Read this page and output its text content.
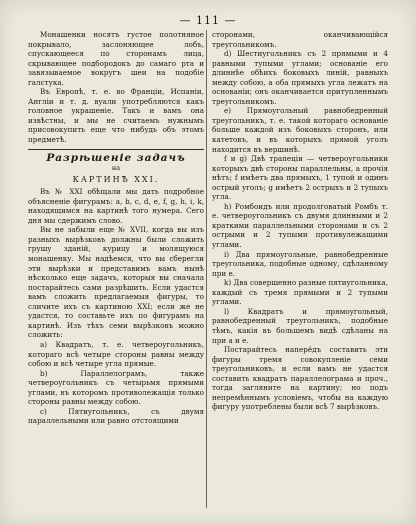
— 111 —

Монашенки носятъ густое полотняное покрывало, заслоняющее лобъ, спускающееся по сторонамъ лица, скрывающее подбородокъ до самаго рта и завязываемое вокругъ шеи на подобіе галстука.

Въ Европѣ, т. е. во Франціи, Испаніи, Англіи и т. д. вуали употребляются какъ головное украшеніе. Такъ и вамъ она извѣстны, и мы не считаемъ нужнымъ присовокупить еще что нибудь объ этомъ предметѣ.

Разрѣшеніе задачъ
на
КАРТИНѢ XXI.

Въ № XXI обѣщали мы дать подробное объясненіе фигурамъ: a, b, c, d, e, f, g, h, i, k, находящимся на картинѣ того нумера. Сего дня мы сдержимъ слово.

Вы не забыли еще № XVII, когда вы изъ разныхъ вырѣзковъ должны были сложить грушу зданій, курицу и молящуюся монашенку. Мы надѣемся, что вы сберегли эти вырѣзки и представимъ вамъ нынѣ нѣсколько еще задачъ, которыя вы сначала постарайтесь сами разрѣшить. Если удастся вамъ сложить предлагаемыя фигуры, то сличите ихъ съ картиною XXI; если же не удастся, то составьте ихъ по фигурамъ на картинѣ. Изъ тѣхъ семи вырѣзковъ можно сложить:

a) Квадратъ, т. е. четвероугольникъ, котораго всѣ четыре стороны равны между собою и всѣ четыре угла прямые.

b) Параллелограмъ, также четвероугольникъ съ четырьмя прямыми углами, въ которомъ противолежащія только стороны равны между собою.

c) Пятиугольникъ, съ двумя параллельными или равно отстоящими

сторонами, оканчивающійся треугольникомъ.

d) Шестиугольникъ съ 2 прямыми и 4 равными тупыми углами; основаніе его длиннѣе обѣихъ боковыхъ линій, равныхъ между собою, а оба прямыхъ угла лежатъ на основаніи; онъ оканчивается притупленнымъ треугольникомъ.

e) Прямоугольный равнобедренный треугольникъ, т. е. такой котораго основаніе больше каждой изъ боковыхъ сторонъ, или катетовъ, и въ которыхъ прямой уголъ находится въ вершинѣ.

f и g) Двѣ трапеціи — четвероугольники которыхъ двѣ стороны параллельны, а прочія нѣтъ; f имѣетъ два прямыхъ, 1 тупой и одинъ острый уголъ; g имѣетъ 2 острыхъ и 2 тупыхъ угла.

h) Ромбоидъ или продолговатый Ромбъ т. е. четвероугольникъ съ двумя длинными и 2 краткими параллельными сторонами и съ 2 острыми и 2 тупыми противулежащими углами.

i) Два прямоугольные, равнобедренные треугольника, подобные одному, сдѣланному при e.

k) Два совершенно разные пятиугольника, каждый съ тремя прямыми и 2 тупыми углами.

l) Квадратъ и прямоугольный, равнобедренный треугольникъ, подобные тѣмъ, какія въ большемъ видѣ сдѣланы на при a и e.

Постарайтесь наперёдъ составить эти фигуры тремя совокупленіе семи треугольниковъ, и если вамъ не удастся составить квадратъ параллелограма и проч., тогда загляните на картину; но подъ непремѣннымъ условіемъ, чтобы на каждую фигуру употреблены были всѣ 7 вырѣзковъ.
